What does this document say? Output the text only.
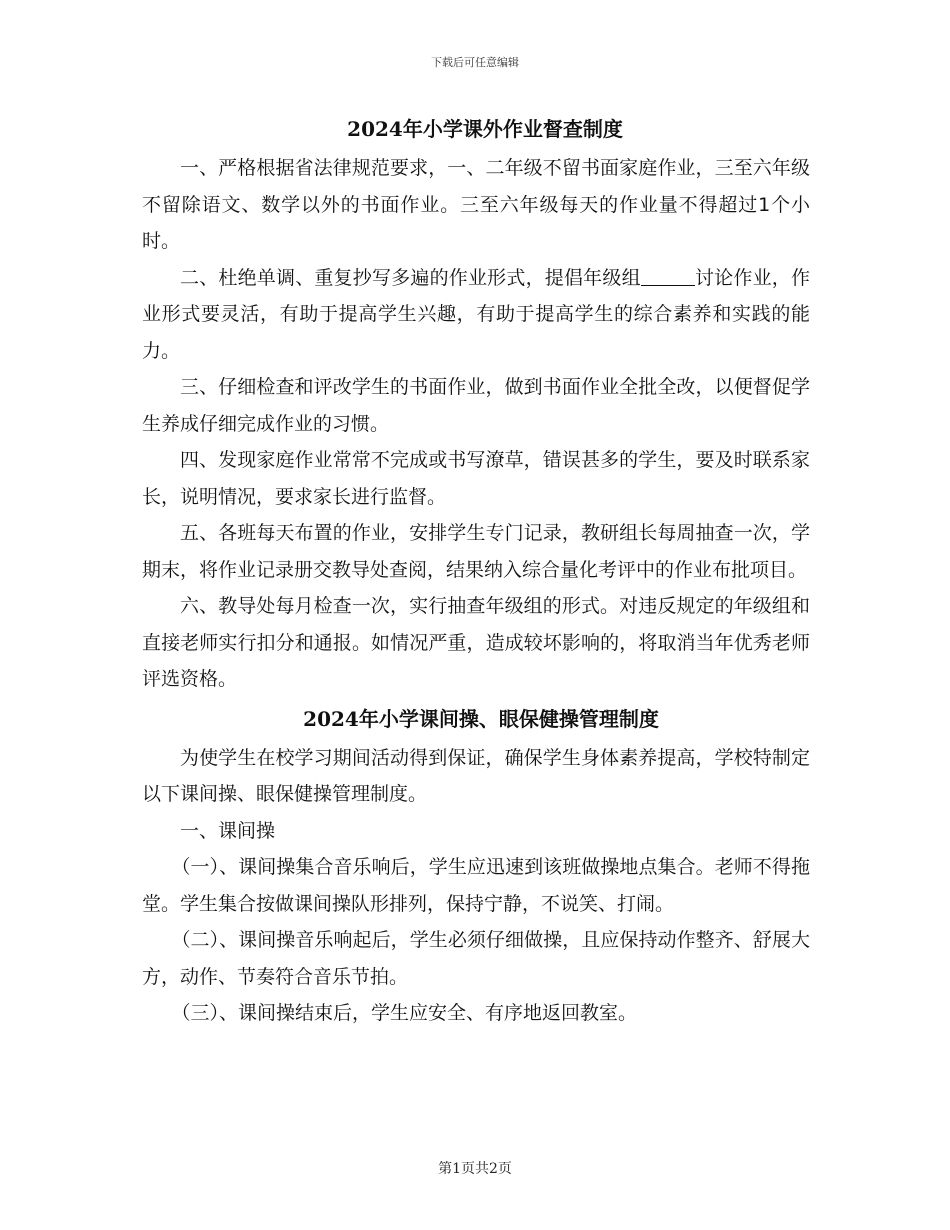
下载后可任意编辑
2024年小学课外作业督查制度

一、严格根据省法律规范要求，一、二年级不留书面家庭作业，三至六年级不留除语文、数学以外的书面作业。三至六年级每天的作业量不得超过1个小时。

二、杜绝单调、重复抄写多遍的作业形式，提倡年级组	讨论作业，作业形式要灵活，有助于提高学生兴趣，有助于提高学生的综合素养和实践的能力。

三、仔细检查和评改学生的书面作业，做到书面作业全批全改，以便督促学生养成仔细完成作业的习惯。

四、发现家庭作业常常不完成或书写潦草，错误甚多的学生，要及时联系家长，说明情况，要求家长进行监督。

五、各班每天布置的作业，安排学生专门记录，教研组长每周抽查一次，学期末，将作业记录册交教导处查阅，结果纳入综合量化考评中的作业布批项目。

六、教导处每月检查一次，实行抽查年级组的形式。对违反规定的年级组和直接老师实行扣分和通报。如情况严重，造成较坏影响的，将取消当年优秀老师评选资格。

2024年小学课间操、眼保健操管理制度

为使学生在校学习期间活动得到保证，确保学生身体素养提高，学校特制定以下课间操、眼保健操管理制度。

一、课间操

（一）、课间操集合音乐响后，学生应迅速到该班做操地点集合。老师不得拖堂。学生集合按做课间操队形排列，保持宁静，不说笑、打闹。

（二）、课间操音乐响起后，学生必须仔细做操，且应保持动作整齐、舒展大方，动作、节奏符合音乐节拍。

（三）、课间操结束后，学生应安全、有序地返回教室。

第1页共2页
